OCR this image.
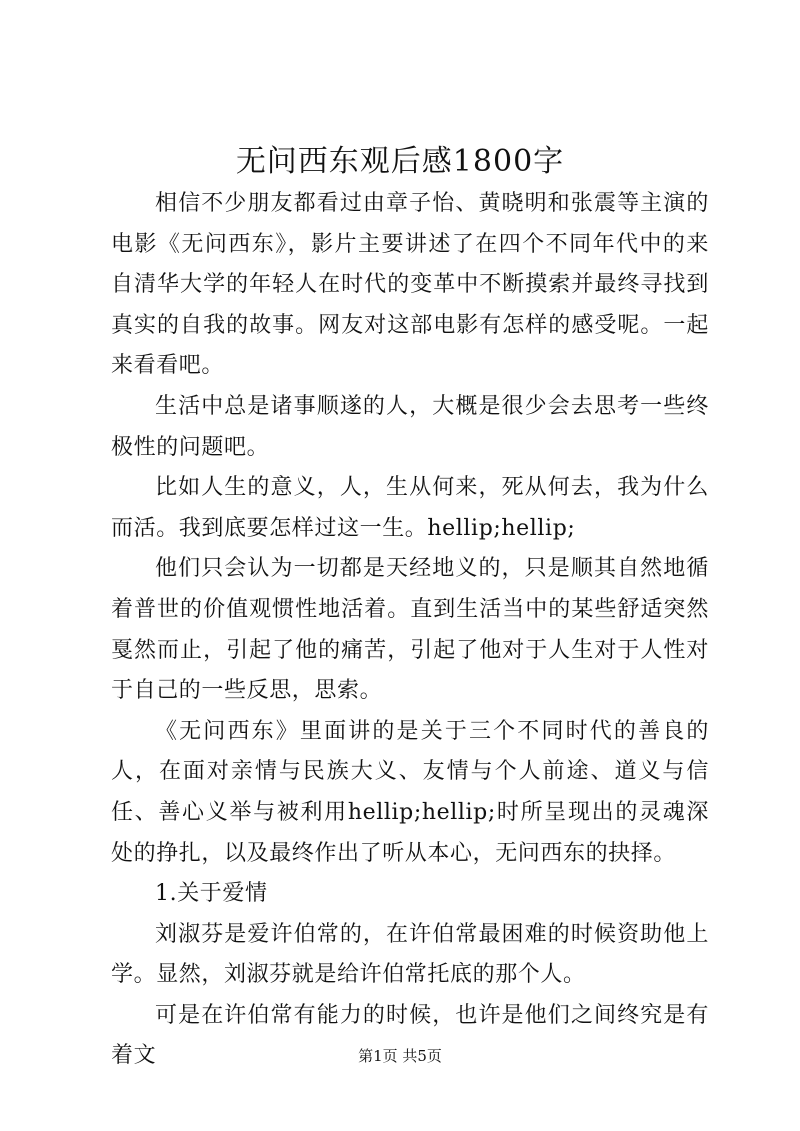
无问西东观后感1800字

相信不少朋友都看过由章子怡、黄晓明和张震等主演的电影《无问西东》，影片主要讲述了在四个不同年代中的来自清华大学的年轻人在时代的变革中不断摸索并最终寻找到真实的自我的故事。网友对这部电影有怎样的感受呢。一起来看看吧。

生活中总是诸事顺遂的人，大概是很少会去思考一些终极性的问题吧。

比如人生的意义，人，生从何来，死从何去，我为什么而活。我到底要怎样过这一生。hellip;hellip;

他们只会认为一切都是天经地义的，只是顺其自然地循着普世的价值观惯性地活着。直到生活当中的某些舒适突然戛然而止，引起了他的痛苦，引起了他对于人生对于人性对于自己的一些反思，思索。

《无问西东》里面讲的是关于三个不同时代的善良的人，在面对亲情与民族大义、友情与个人前途、道义与信任、善心义举与被利用hellip;hellip;时所呈现出的灵魂深处的挣扎，以及最终作出了听从本心，无问西东的抉择。

1.关于爱情

刘淑芬是爱许伯常的，在许伯常最困难的时候资助他上学。显然，刘淑芬就是给许伯常托底的那个人。

可是在许伯常有能力的时候，也许是他们之间终究是有着文	第1页 共5页
